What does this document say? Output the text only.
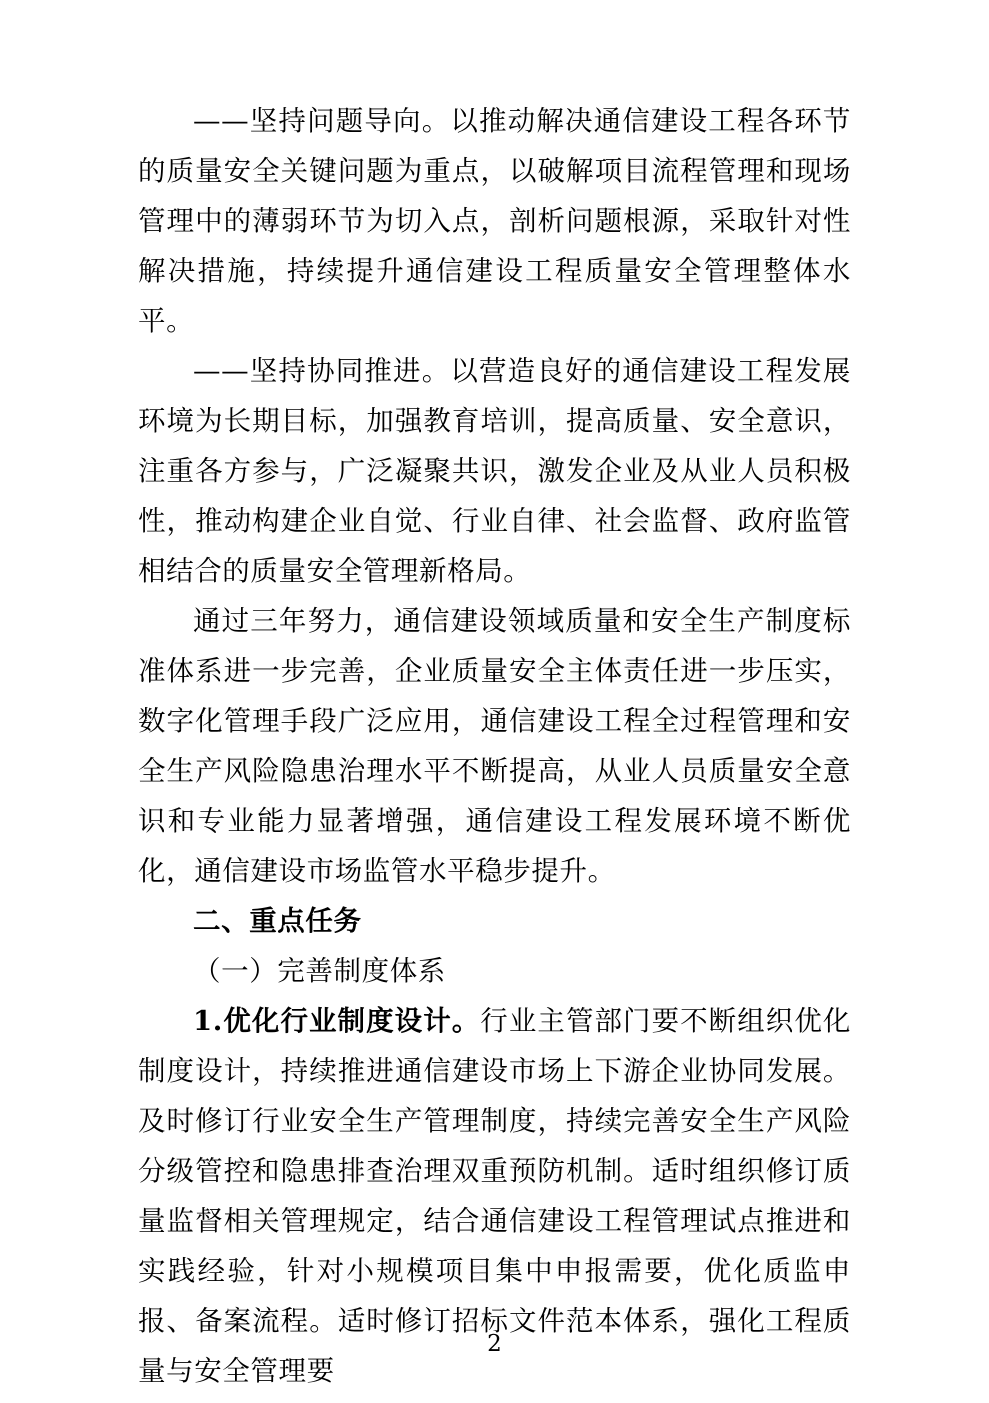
——坚持问题导向。以推动解决通信建设工程各环节的质量安全关键问题为重点，以破解项目流程管理和现场管理中的薄弱环节为切入点，剖析问题根源，采取针对性解决措施，持续提升通信建设工程质量安全管理整体水平。

——坚持协同推进。以营造良好的通信建设工程发展环境为长期目标，加强教育培训，提高质量、安全意识，注重各方参与，广泛凝聚共识，激发企业及从业人员积极性，推动构建企业自觉、行业自律、社会监督、政府监管相结合的质量安全管理新格局。

通过三年努力，通信建设领域质量和安全生产制度标准体系进一步完善，企业质量安全主体责任进一步压实，数字化管理手段广泛应用，通信建设工程全过程管理和安全生产风险隐患治理水平不断提高，从业人员质量安全意识和专业能力显著增强，通信建设工程发展环境不断优化，通信建设市场监管水平稳步提升。

二、重点任务

（一）完善制度体系

1.优化行业制度设计。行业主管部门要不断组织优化制度设计，持续推进通信建设市场上下游企业协同发展。及时修订行业安全生产管理制度，持续完善安全生产风险分级管控和隐患排查治理双重预防机制。适时组织修订质量监督相关管理规定，结合通信建设工程管理试点推进和实践经验，针对小规模项目集中申报需要，优化质监申报、备案流程。适时修订招标文件范本体系，强化工程质量与安全管理要

2
